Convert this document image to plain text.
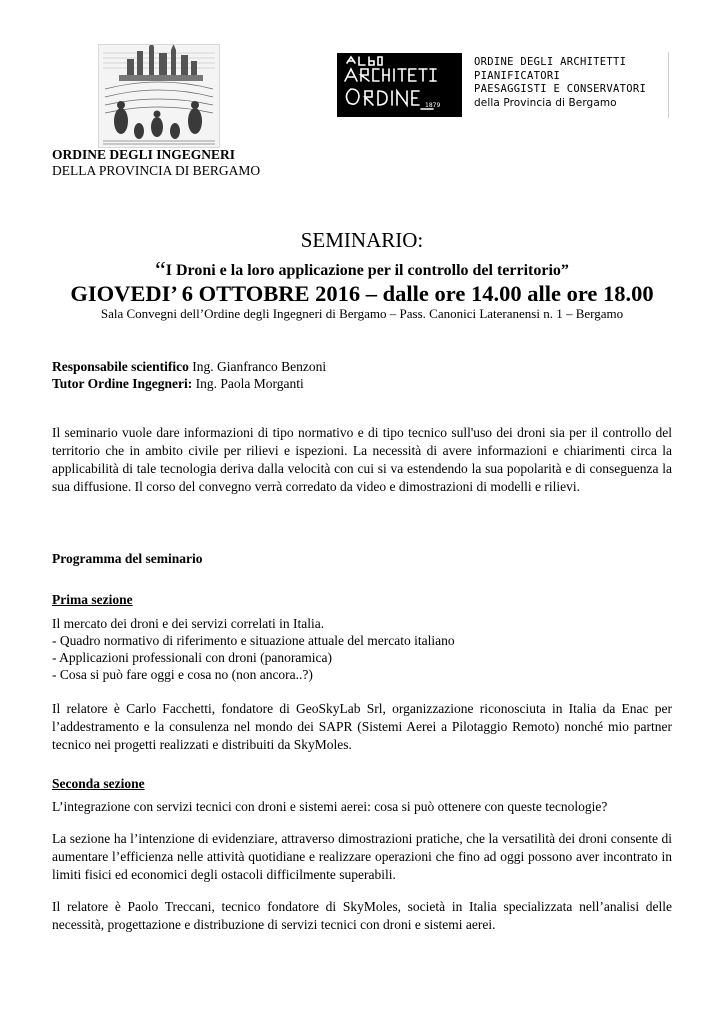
1879
ORDINE DEGLI ARCHITETTI
PIANIFICATORI
PAESAGGISTI E CONSERVATORI
della Provincia di Bergamo
ORDINE DEGLI INGEGNERI
DELLA PROVINCIA DI BERGAMO
SEMINARIO:
“I Droni e la loro applicazione per il controllo del territorio”
GIOVEDI’ 6 OTTOBRE 2016 – dalle ore 14.00 alle ore 18.00
Sala Convegni dell’Ordine degli Ingegneri di Bergamo – Pass. Canonici Lateranensi n. 1 – Bergamo
Responsabile scientifico Ing. Gianfranco Benzoni
Tutor Ordine Ingegneri: Ing. Paola Morganti
Il seminario vuole dare informazioni di tipo normativo e di tipo tecnico sull'uso dei droni sia per il controllo del territorio che in ambito civile per rilievi e ispezioni. La necessità di avere informazioni e chiarimenti circa la applicabilità di tale tecnologia deriva dalla velocità con cui si va estendendo la sua popolarità e di conseguenza la sua diffusione. Il corso del convegno verrà corredato da video e dimostrazioni di modelli e rilievi.
Programma del seminario
Prima sezione
Il mercato dei droni e dei servizi correlati in Italia.
- Quadro normativo di riferimento e situazione attuale del mercato italiano
- Applicazioni professionali con droni (panoramica)
- Cosa si può fare oggi e cosa no (non ancora..?)
Il relatore è Carlo Facchetti, fondatore di GeoSkyLab Srl, organizzazione riconosciuta in Italia da Enac per l’addestramento e la consulenza nel mondo dei SAPR (Sistemi Aerei a Pilotaggio Remoto) nonché mio partner tecnico nei progetti realizzati e distribuiti da SkyMoles.
Seconda sezione
L’integrazione con servizi tecnici con droni e sistemi aerei: cosa si può ottenere con queste tecnologie?
La sezione ha l’intenzione di evidenziare, attraverso dimostrazioni pratiche, che la versatilità dei droni consente di aumentare l’efficienza nelle attività quotidiane e realizzare operazioni che fino ad oggi possono aver incontrato in limiti fisici ed economici degli ostacoli difficilmente superabili.
Il relatore è Paolo Treccani, tecnico fondatore di SkyMoles, società in Italia specializzata nell’analisi delle necessità, progettazione e distribuzione di servizi tecnici con droni e sistemi aerei.
